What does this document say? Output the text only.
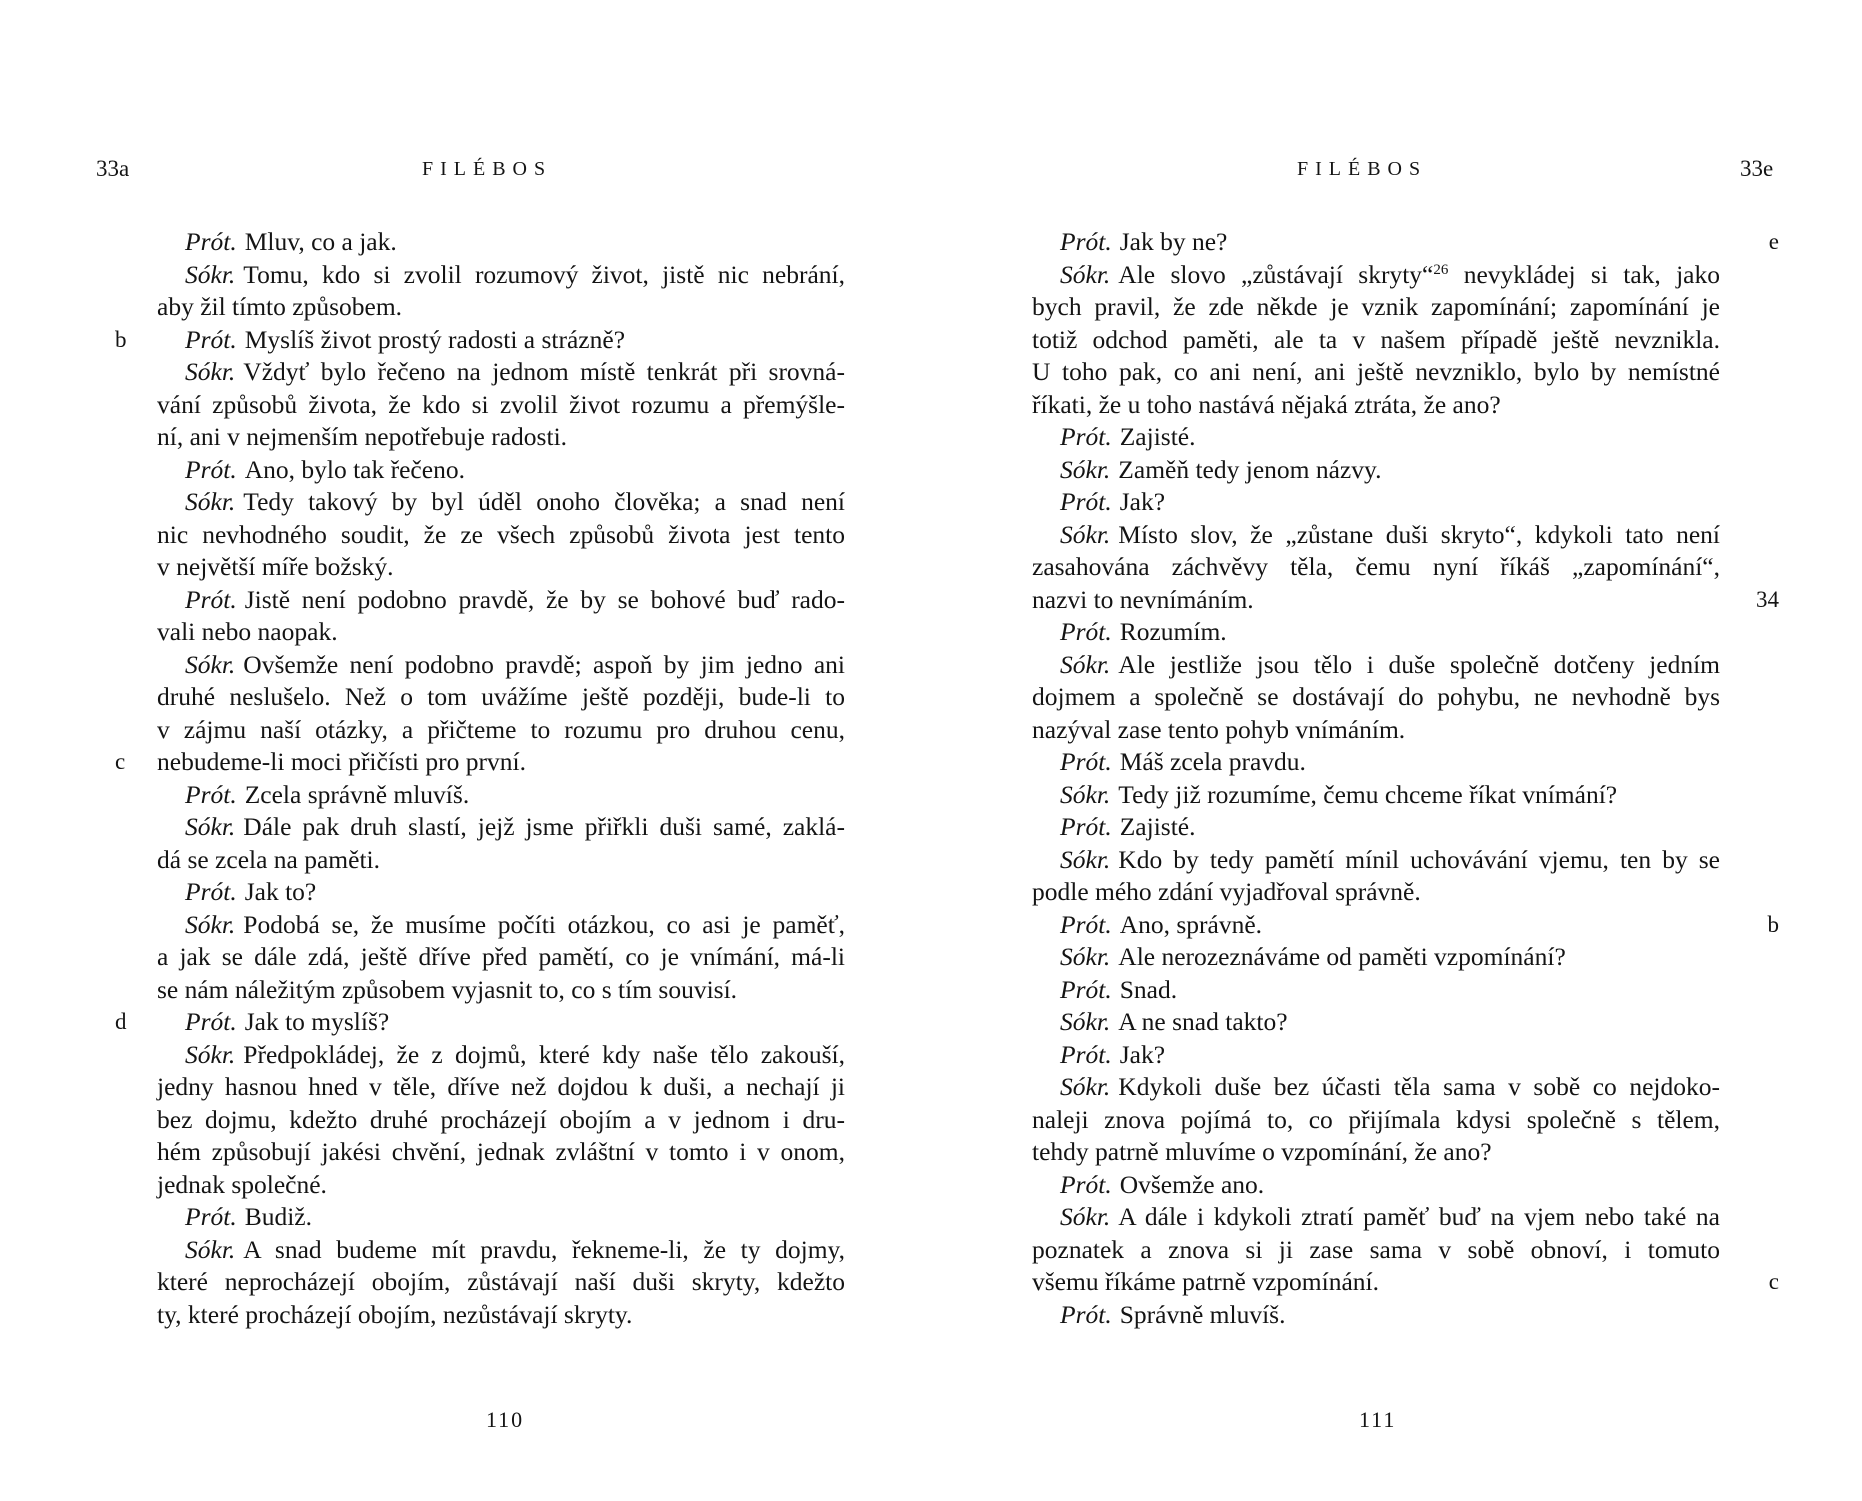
33a	FILÉBOS
Prót. Mluv, co a jak.
Sókr. Tomu, kdo si zvolil rozumový život, jistě nic nebrání,
aby žil tímto způsobem.
Prót. Myslíš život prostý radosti a strázně?
b
Sókr. Vždyť bylo řečeno na jednom místě tenkrát při srovná-
vání způsobů života, že kdo si zvolil život rozumu a přemýšle-
ní, ani v nejmenším nepotřebuje radosti.
Prót. Ano, bylo tak řečeno.
Sókr. Tedy takový by byl úděl onoho člověka; a snad není
nic nevhodného soudit, že ze všech způsobů života jest tento
v největší míře božský.
Prót. Jistě není podobno pravdě, že by se bohové buď rado-
vali nebo naopak.
Sókr. Ovšemže není podobno pravdě; aspoň by jim jedno ani
druhé neslušelo. Než o tom uvážíme ještě později, bude-li to
v zájmu naší otázky, a přičteme to rozumu pro druhou cenu,
nebudeme-li moci přičísti pro první.
c
Prót. Zcela správně mluvíš.
Sókr. Dále pak druh slastí, jejž jsme přiřkli duši samé, zaklá-
dá se zcela na paměti.
Prót. Jak to?
Sókr. Podobá se, že musíme počíti otázkou, co asi je paměť,
a jak se dále zdá, ještě dříve před pamětí, co je vnímání, má-li
se nám náležitým způsobem vyjasnit to, co s tím souvisí.
Prót. Jak to myslíš?
d
Sókr. Předpokládej, že z dojmů, které kdy naše tělo zakouší,
jedny hasnou hned v těle, dříve než dojdou k duši, a nechají ji
bez dojmu, kdežto druhé procházejí obojím a v jednom i dru-
hém způsobují jakési chvění, jednak zvláštní v tomto i v onom,
jednak společné.
Prót. Budiž.
Sókr. A snad budeme mít pravdu, řekneme-li, že ty dojmy,
které neprocházejí obojím, zůstávají naší duši skryty, kdežto
ty, které procházejí obojím, nezůstávají skryty.
110
FILÉBOS	33e
Prót. Jak by ne?	e
Sókr. Ale slovo „zůstávají skryty“$^{26}$ nevykládej si tak, jako
bych pravil, že zde někde je vznik zapomínání; zapomínání je
totiž odchod paměti, ale ta v našem případě ještě nevznikla.
U toho pak, co ani není, ani ještě nevzniklo, bylo by nemístné
říkati, že u toho nastává nějaká ztráta, že ano?
Prót. Zajisté.
Sókr. Zaměň tedy jenom názvy.
Prót. Jak?
Sókr. Místo slov, že „zůstane duši skryto“, kdykoli tato není
zasahována záchvěvy těla, čemu nyní říkáš „zapomínání“,
nazvi to nevnímáním.	34
Prót. Rozumím.
Sókr. Ale jestliže jsou tělo i duše společně dotčeny jedním
dojmem a společně se dostávají do pohybu, ne nevhodně bys
nazýval zase tento pohyb vnímáním.
Prót. Máš zcela pravdu.
Sókr. Tedy již rozumíme, čemu chceme říkat vnímání?
Prót. Zajisté.
Sókr. Kdo by tedy pamětí mínil uchovávání vjemu, ten by se
podle mého zdání vyjadřoval správně.
Prót. Ano, správně.	b
Sókr. Ale nerozeznáváme od paměti vzpomínání?
Prót. Snad.
Sókr. A ne snad takto?
Prót. Jak?
Sókr. Kdykoli duše bez účasti těla sama v sobě co nejdoko-
naleji znova pojímá to, co přijímala kdysi společně s tělem,
tehdy patrně mluvíme o vzpomínání, že ano?
Prót. Ovšemže ano.
Sókr. A dále i kdykoli ztratí paměť buď na vjem nebo také na
poznatek a znova si ji zase sama v sobě obnoví, i tomuto
všemu říkáme patrně vzpomínání.	c
Prót. Správně mluvíš.
111
